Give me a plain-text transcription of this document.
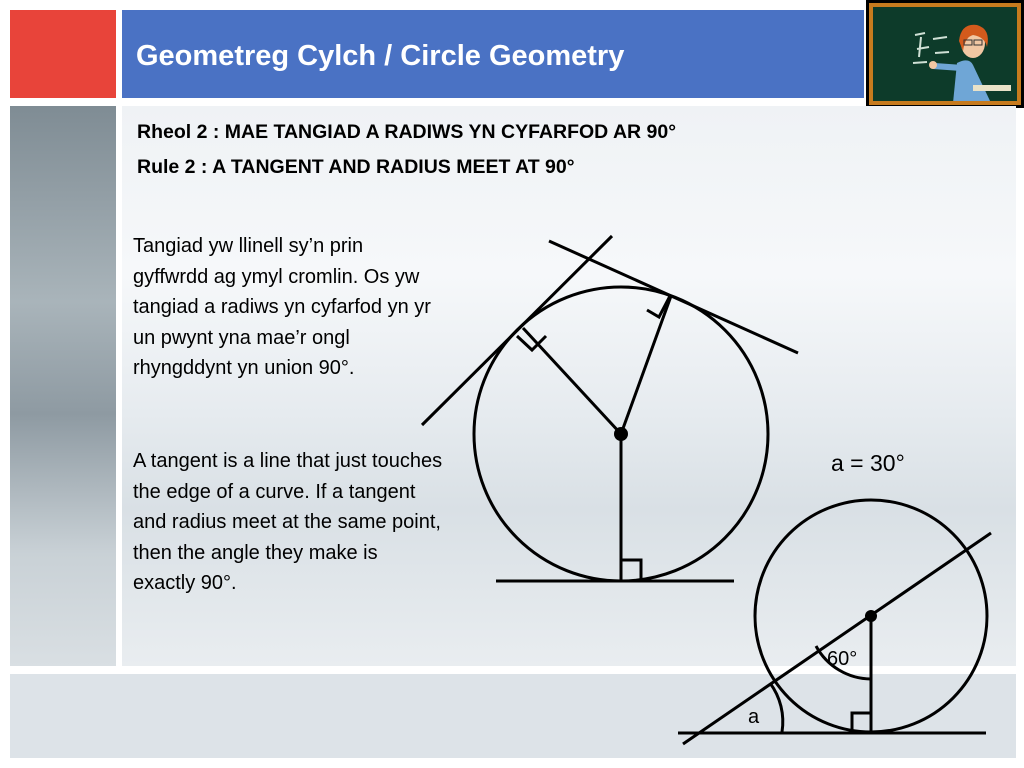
Geometreg Cylch / Circle Geometry
Rheol 2 : MAE TANGIAD A RADIWS YN CYFARFOD AR 90°
Rule 2 : A TANGENT AND RADIUS MEET AT 90°
Tangiad yw llinell sy’n prin gyffwrdd ag ymyl cromlin. Os yw tangiad a radiws yn cyfarfod yn yr un pwynt yna mae’r ongl rhyngddynt yn union 90°.
A tangent is a line that just touches the edge of a curve. If a tangent and radius meet at the same point, then the angle they make is exactly 90°.
a = 30°
60°
a
